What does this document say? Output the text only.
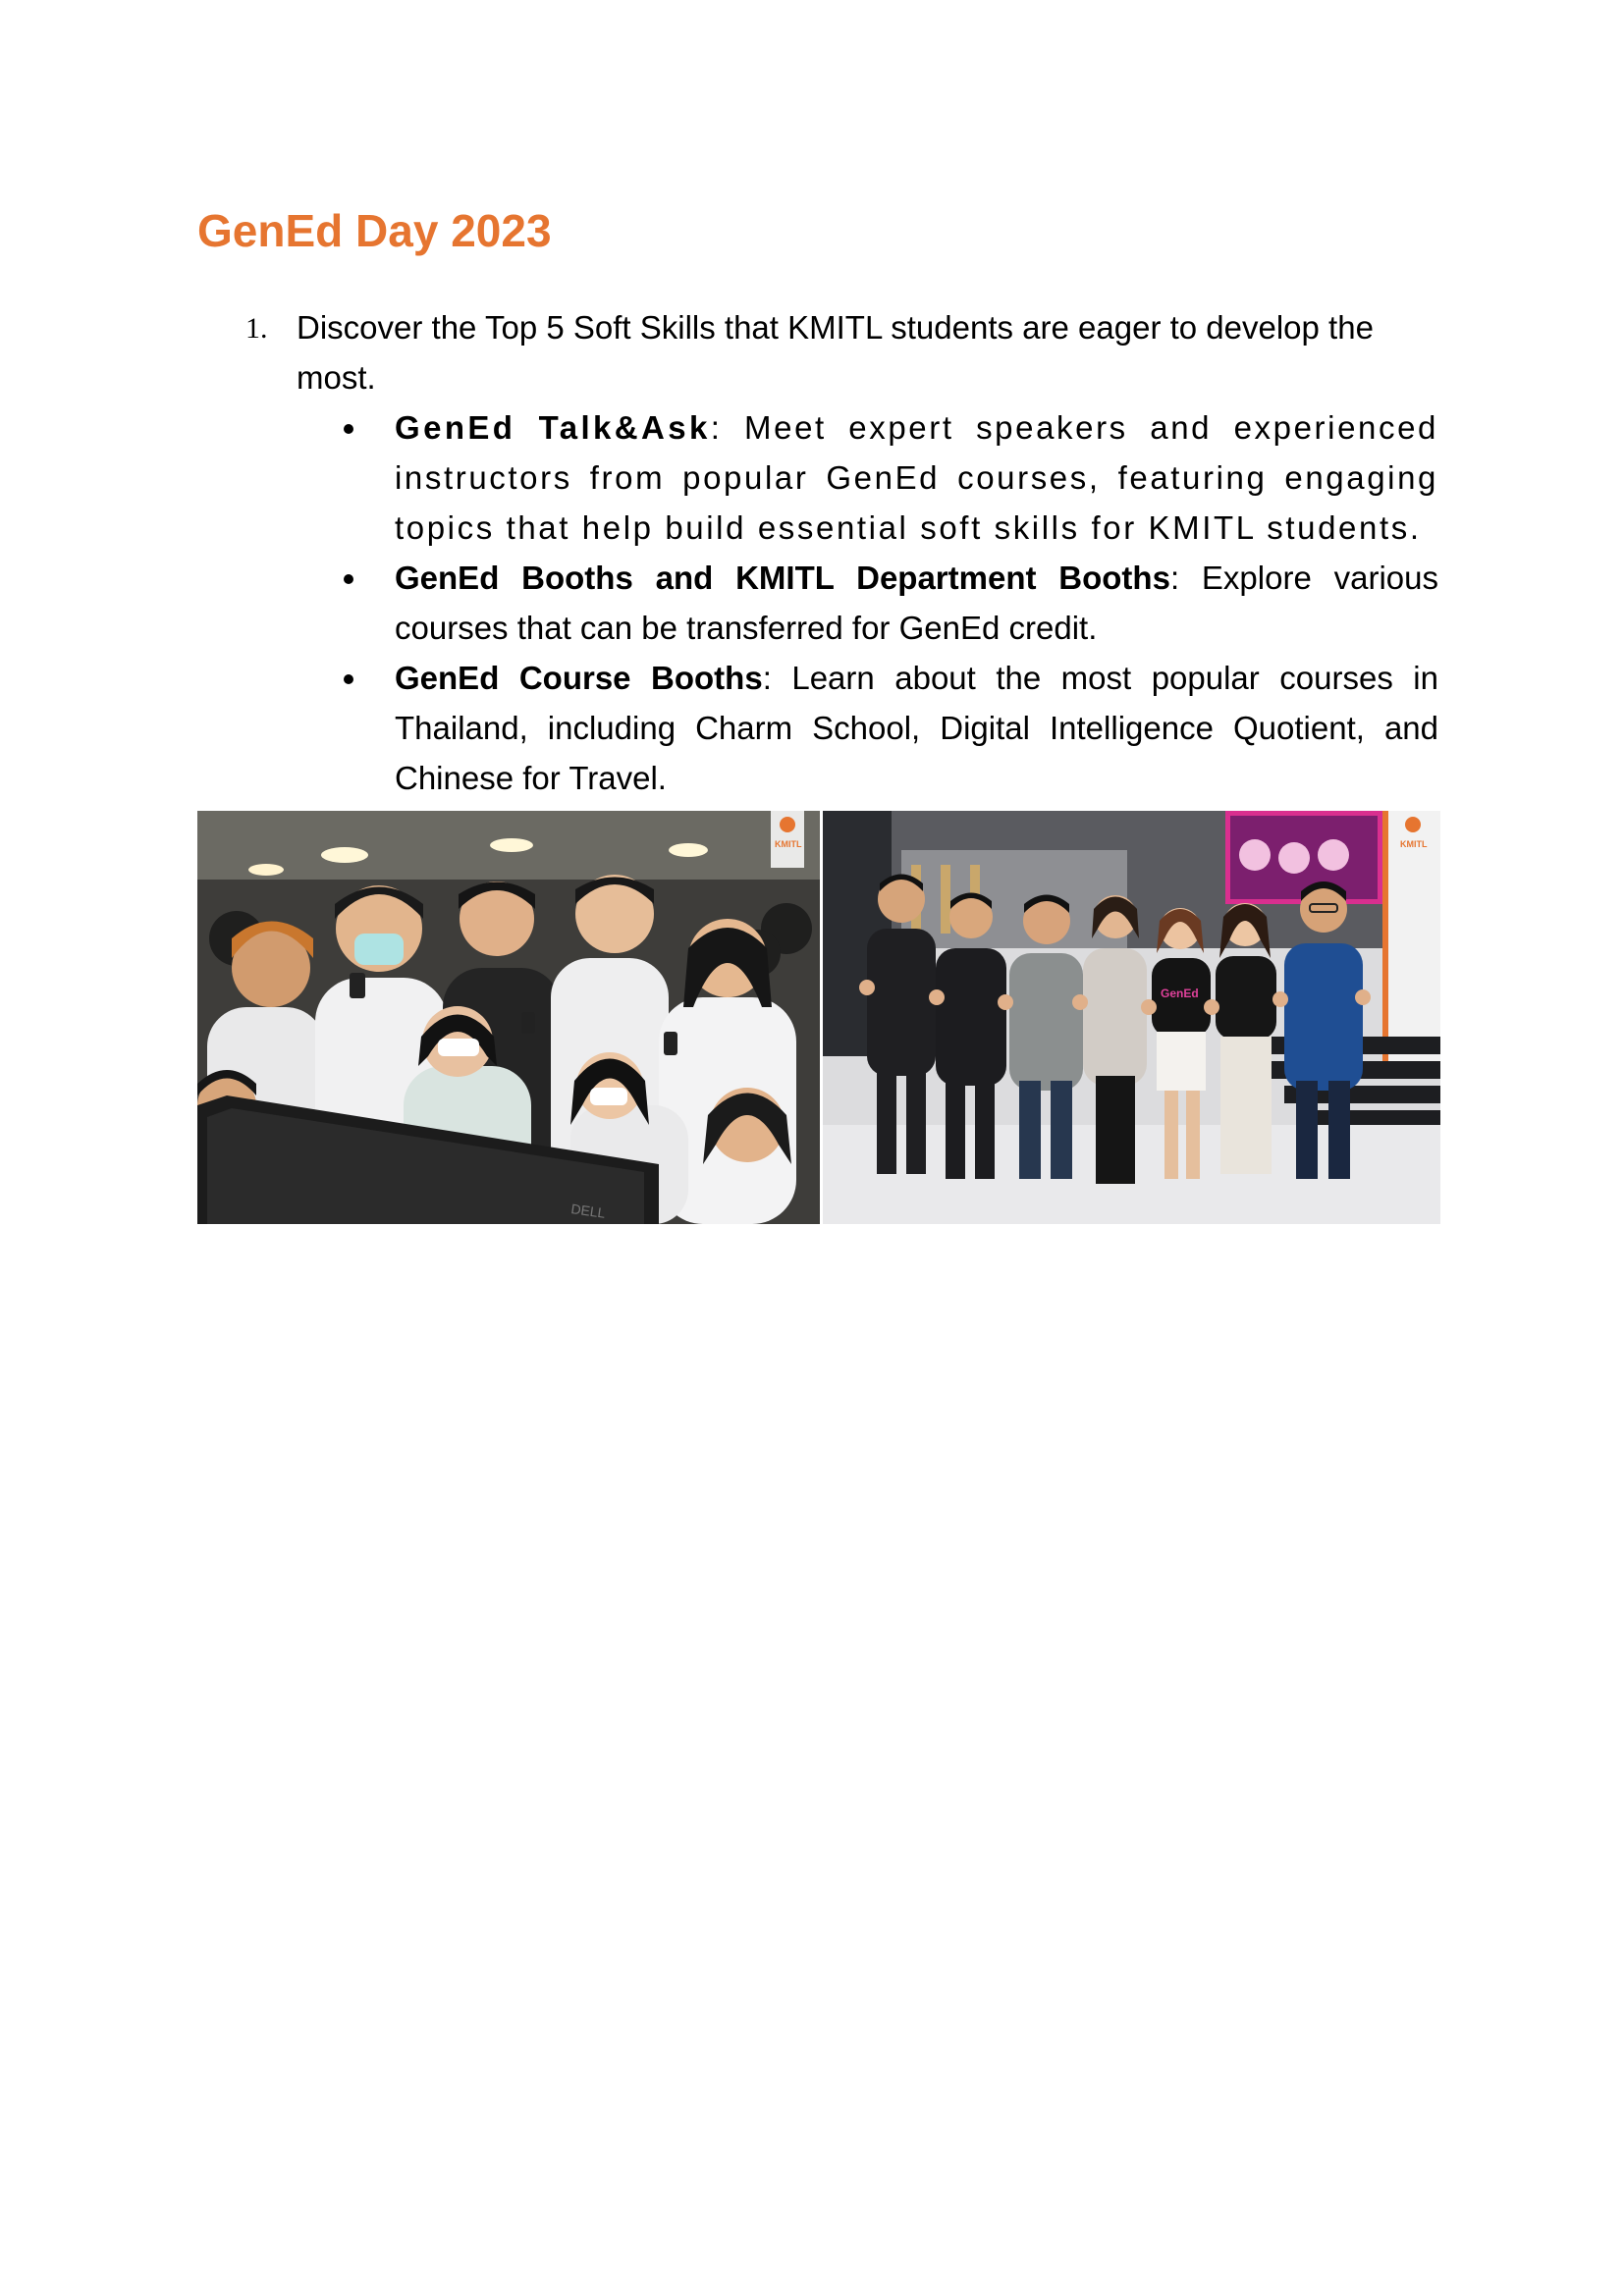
GenEd Day 2023
1. Discover the Top 5 Soft Skills that KMITL students are eager to develop the most.
GenEd Talk&Ask: Meet expert speakers and experienced instructors from popular GenEd courses, featuring engaging topics that help build essential soft skills for KMITL students.
GenEd Booths and KMITL Department Booths: Explore various courses that can be transferred for GenEd credit.
GenEd Course Booths: Learn about the most popular courses in Thailand, including Charm School, Digital Intelligence Quotient, and Chinese for Travel.
DELL
KMITL	KMITL
GenEd
